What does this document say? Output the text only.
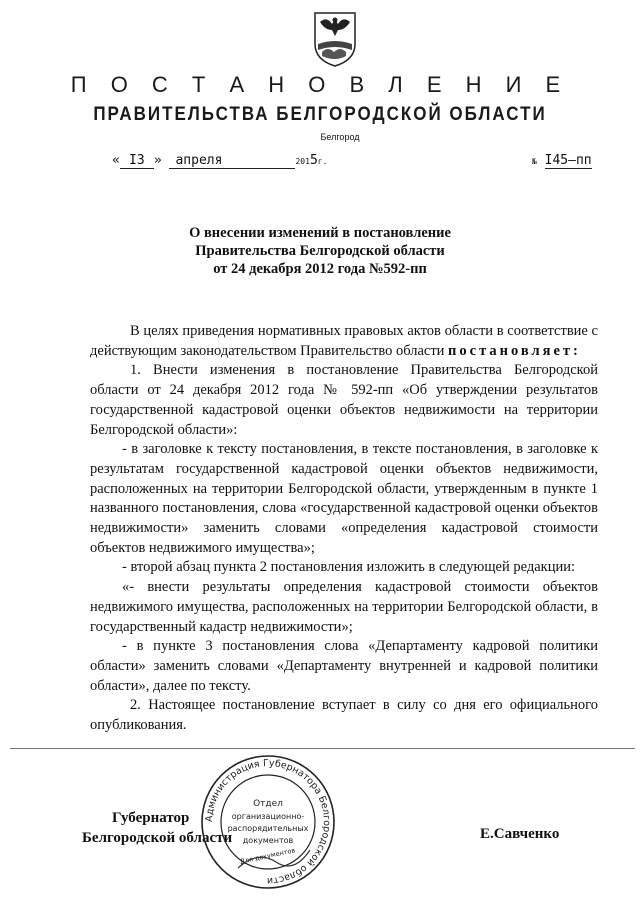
П О С Т А Н О В Л Е Н И Е
ПРАВИТЕЛЬСТВА БЕЛГОРОДСКОЙ ОБЛАСТИ
Белгород
« I3 » апреля	2015г.	№ I45–пп
О внесении изменений в постановление
Правительства Белгородской области
от 24 декабря 2012 года №592-пп

В целях приведения нормативных правовых актов области в соответствие с действующим законодательством Правительство области постановляет:

1. Внести изменения в постановление Правительства Белгородской области от 24 декабря 2012 года № 592-пп «Об утверждении результатов государственной кадастровой оценки объектов недвижимости на территории Белгородской области»:

- в заголовке к тексту постановления, в тексте постановления, в заголовке к результатам государственной кадастровой оценки объектов недвижимости, расположенных на территории Белгородской области, утвержденным в пункте 1 названного постановления, слова «государственной кадастровой оценки объектов недвижимости» заменить словами «определения кадастровой стоимости объектов недвижимого имущества»;

- второй абзац пункта 2 постановления изложить в следующей редакции:

«- внести результаты определения кадастровой стоимости объектов недвижимого имущества, расположенных на территории Белгородской области, в государственный кадастр недвижимости»;

- в пункте 3 постановления слова «Департаменту кадровой политики области» заменить словами «Департаменту внутренней и кадровой политики области», далее по тексту.

2. Настоящее постановление вступает в силу со дня его официального опубликования.

Губернатор
Белгородской области	Е.Савченко
Администрация Губернатора Белгородской области
Отдел
организационно-
распорядительных
документов
Для документов
